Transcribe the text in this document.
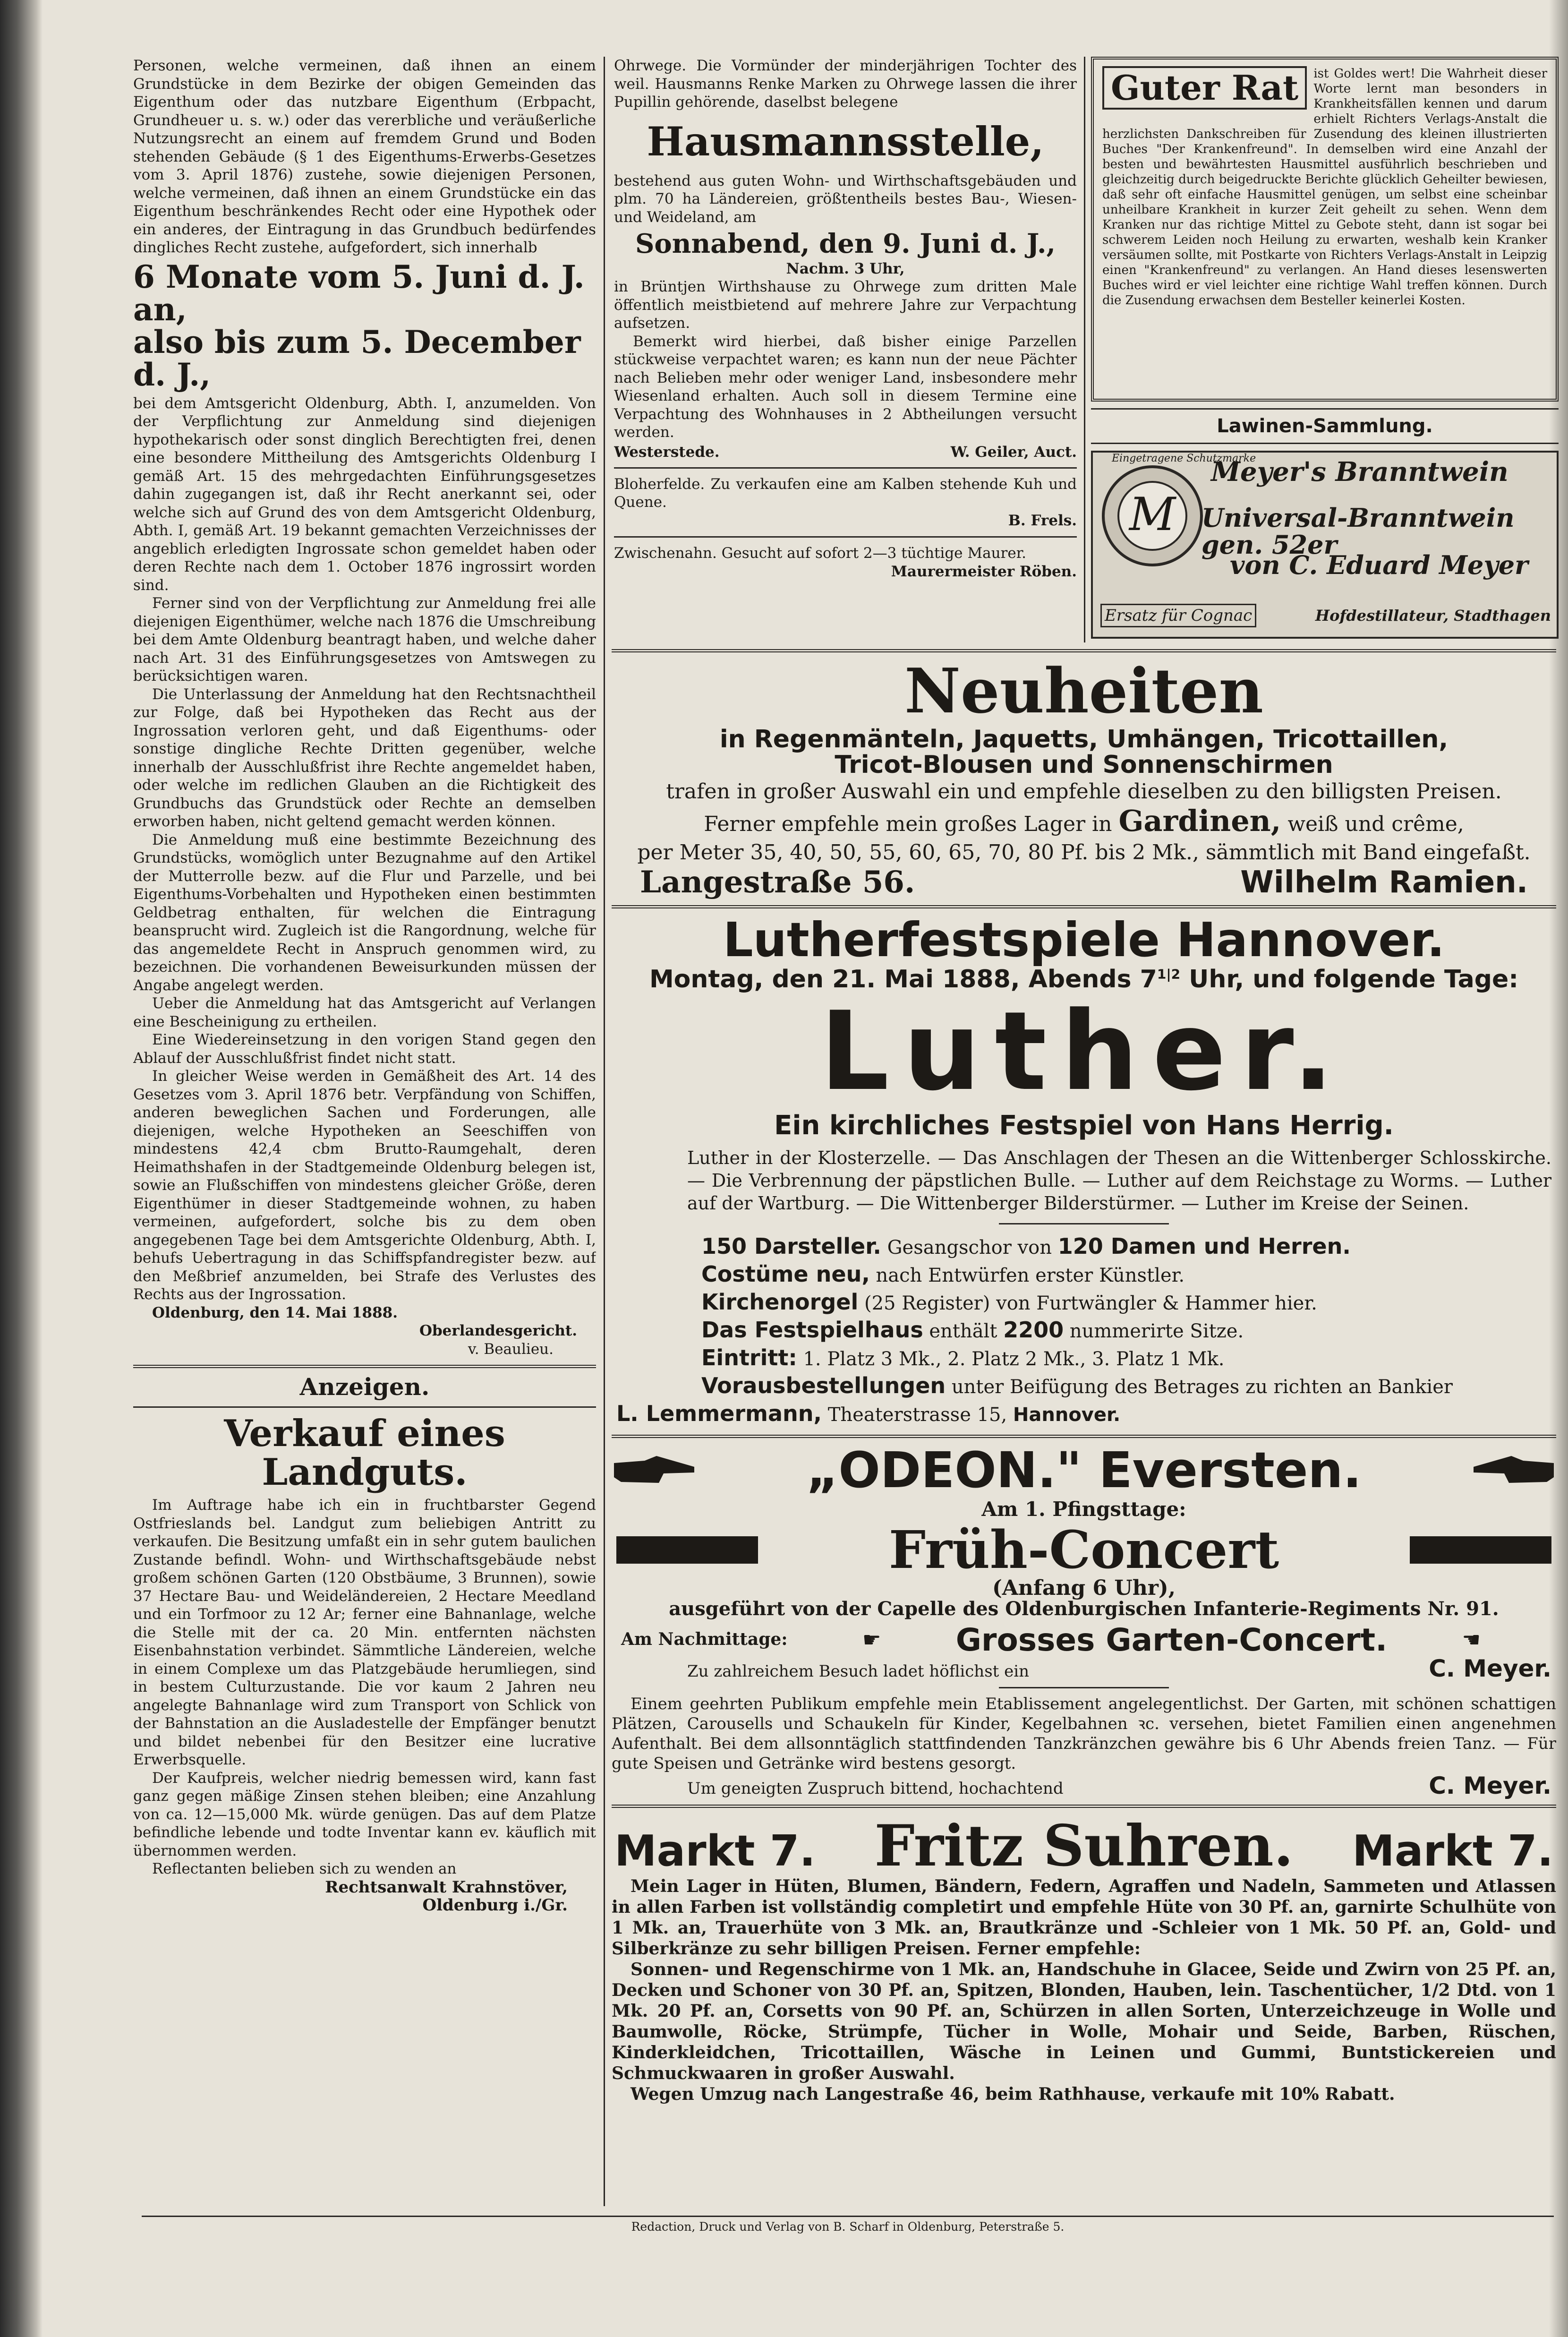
Personen, welche vermeinen, daß ihnen an einem Grundstücke in dem Bezirke der obigen Gemeinden das Eigenthum oder das nutzbare Eigenthum (Erbpacht, Grundheuer u. s. w.) oder das vererbliche und veräußerliche Nutzungsrecht an einem auf fremdem Grund und Boden stehenden Gebäude (§ 1 des Eigenthums-Erwerbs-Gesetzes vom 3. April 1876) zustehe, sowie diejenigen Personen, welche vermeinen, daß ihnen an einem Grundstücke ein das Eigenthum beschränkendes Recht oder eine Hypothek oder ein anderes, der Eintragung in das Grundbuch bedürfendes dingliches Recht zustehe, aufgefordert, sich innerhalb

6 Monate vom 5. Juni d. J. an,

also bis zum 5. December d. J.,

bei dem Amtsgericht Oldenburg, Abth. I, anzumelden. Von der Verpflichtung zur Anmeldung sind diejenigen hypothekarisch oder sonst dinglich Berechtigten frei, denen eine besondere Mittheilung des Amtsgerichts Oldenburg I gemäß Art. 15 des mehrgedachten Einführungsgesetzes dahin zugegangen ist, daß ihr Recht anerkannt sei, oder welche sich auf Grund des von dem Amtsgericht Oldenburg, Abth. I, gemäß Art. 19 bekannt gemachten Verzeichnisses der angeblich erledigten Ingrossate schon gemeldet haben oder deren Rechte nach dem 1. October 1876 ingrossirt worden sind.

Ferner sind von der Verpflichtung zur Anmeldung frei alle diejenigen Eigenthümer, welche nach 1876 die Umschreibung bei dem Amte Oldenburg beantragt haben, und welche daher nach Art. 31 des Einführungsgesetzes von Amtswegen zu berücksichtigen waren.

Die Unterlassung der Anmeldung hat den Rechtsnachtheil zur Folge, daß bei Hypotheken das Recht aus der Ingrossation verloren geht, und daß Eigenthums- oder sonstige dingliche Rechte Dritten gegenüber, welche innerhalb der Ausschlußfrist ihre Rechte angemeldet haben, oder welche im redlichen Glauben an die Richtigkeit des Grundbuchs das Grundstück oder Rechte an demselben erworben haben, nicht geltend gemacht werden können.

Die Anmeldung muß eine bestimmte Bezeichnung des Grundstücks, womöglich unter Bezugnahme auf den Artikel der Mutterrolle bezw. auf die Flur und Parzelle, und bei Eigenthums-Vorbehalten und Hypotheken einen bestimmten Geldbetrag enthalten, für welchen die Eintragung beansprucht wird. Zugleich ist die Rangordnung, welche für das angemeldete Recht in Anspruch genommen wird, zu bezeichnen. Die vorhandenen Beweisurkunden müssen der Angabe angelegt werden.

Ueber die Anmeldung hat das Amtsgericht auf Verlangen eine Bescheinigung zu ertheilen.

Eine Wiedereinsetzung in den vorigen Stand gegen den Ablauf der Ausschlußfrist findet nicht statt.

In gleicher Weise werden in Gemäßheit des Art. 14 des Gesetzes vom 3. April 1876 betr. Verpfändung von Schiffen, anderen beweglichen Sachen und Forderungen, alle diejenigen, welche Hypotheken an Seeschiffen von mindestens 42,4 cbm Brutto-Raumgehalt, deren Heimathshafen in der Stadtgemeinde Oldenburg belegen ist, sowie an Flußschiffen von mindestens gleicher Größe, deren Eigenthümer in dieser Stadtgemeinde wohnen, zu haben vermeinen, aufgefordert, solche bis zu dem oben angegebenen Tage bei dem Amtsgerichte Oldenburg, Abth. I, behufs Uebertragung in das Schiffspfandregister bezw. auf den Meßbrief anzumelden, bei Strafe des Verlustes des Rechts aus der Ingrossation.

Oldenburg, den 14. Mai 1888.

Oberlandesgericht.

v. Beaulieu.

Anzeigen.

Verkauf eines Landguts.

Im Auftrage habe ich ein in fruchtbarster Gegend Ostfrieslands bel. Landgut zum beliebigen Antritt zu verkaufen. Die Besitzung umfaßt ein in sehr gutem baulichen Zustande befindl. Wohn- und Wirthschaftsgebäude nebst großem schönen Garten (120 Obstbäume, 3 Brunnen), sowie 37 Hectare Bau- und Weideländereien, 2 Hectare Meedland und ein Torfmoor zu 12 Ar; ferner eine Bahnanlage, welche die Stelle mit der ca. 20 Min. entfernten nächsten Eisenbahnstation verbindet. Sämmtliche Ländereien, welche in einem Complexe um das Platzgebäude herumliegen, sind in bestem Culturzustande. Die vor kaum 2 Jahren neu angelegte Bahnanlage wird zum Transport von Schlick von der Bahnstation an die Ausladestelle der Empfänger benutzt und bildet nebenbei für den Besitzer eine lucrative Erwerbsquelle.

Der Kaufpreis, welcher niedrig bemessen wird, kann fast ganz gegen mäßige Zinsen stehen bleiben; eine Anzahlung von ca. 12—15,000 Mk. würde genügen. Das auf dem Platze befindliche lebende und todte Inventar kann ev. käuflich mit übernommen werden.

Reflectanten belieben sich zu wenden an

Rechtsanwalt Krahnstöver,

Oldenburg i./Gr.

Ohrwege. Die Vormünder der minderjährigen Tochter des weil. Hausmanns Renke Marken zu Ohrwege lassen die ihrer Pupillin gehörende, daselbst belegene

Hausmannsstelle,

bestehend aus guten Wohn- und Wirthschaftsgebäuden und plm. 70 ha Ländereien, größtentheils bestes Bau-, Wiesen- und Weideland, am

Sonnabend, den 9. Juni d. J.,

Nachm. 3 Uhr,

in Brüntjen Wirthshause zu Ohrwege zum dritten Male öffentlich meistbietend auf mehrere Jahre zur Verpachtung aufsetzen.

Bemerkt wird hierbei, daß bisher einige Parzellen stückweise verpachtet waren; es kann nun der neue Pächter nach Belieben mehr oder weniger Land, insbesondere mehr Wiesenland erhalten. Auch soll in diesem Termine eine Verpachtung des Wohnhauses in 2 Abtheilungen versucht werden.

Westerstede.	W. Geiler, Auct.

Bloherfelde. Zu verkaufen eine am Kalben stehende Kuh und Quene.

B. Frels.

Zwischenahn. Gesucht auf sofort 2—3 tüchtige Maurer.

Maurermeister Röben.

Guter Rat	ist Goldes wert! Die Wahrheit dieser Worte lernt man besonders in Krankheitsfällen kennen und darum erhielt Richters Verlags-Anstalt die herzlichsten Dankschreiben für Zusendung des kleinen illustrierten Buches "Der Krankenfreund". In demselben wird eine Anzahl der besten und bewährtesten Hausmittel ausführlich beschrieben und gleichzeitig durch beigedruckte Berichte glücklich Geheilter bewiesen, daß sehr oft einfache Hausmittel genügen, um selbst eine scheinbar unheilbare Krankheit in kurzer Zeit geheilt zu sehen. Wenn dem Kranken nur das richtige Mittel zu Gebote steht, dann ist sogar bei schwerem Leiden noch Heilung zu erwarten, weshalb kein Kranker versäumen sollte, mit Postkarte von Richters Verlags-Anstalt in Leipzig einen "Krankenfreund" zu verlangen. An Hand dieses lesenswerten Buches wird er viel leichter eine richtige Wahl treffen können. Durch die Zusendung erwachsen dem Besteller keinerlei Kosten.

Lawinen-Sammlung.

M
Eingetragene Schutzmarke
Meyer's Branntwein
Universal-Branntwein gen. 52er
von C. Eduard Meyer
Ersatz für Cognac	Hofdestillateur, Stadthagen

Neuheiten

in Regenmänteln, Jaquetts, Umhängen, Tricottaillen,

Tricot-Blousen und Sonnenschirmen

trafen in großer Auswahl ein und empfehle dieselben zu den billigsten Preisen.

Ferner empfehle mein großes Lager in Gardinen, weiß und crême,

per Meter 35, 40, 50, 55, 60, 65, 70, 80 Pf. bis 2 Mk., sämmtlich mit Band eingefaßt.

Langestraße 56.	Wilhelm Ramien.

Lutherfestspiele Hannover.

Montag, den 21. Mai 1888, Abends $7^{1|2}$ Uhr, und folgende Tage:

Luther.

Ein kirchliches Festspiel von Hans Herrig.

Luther in der Klosterzelle. — Das Anschlagen der Thesen an die Wittenberger Schlosskirche. — Die Verbrennung der päpstlichen Bulle. — Luther auf dem Reichstage zu Worms. — Luther auf der Wartburg. — Die Wittenberger Bilderstürmer. — Luther im Kreise der Seinen.

150 Darsteller. Gesangschor von 120 Damen und Herren.
Costüme neu, nach Entwürfen erster Künstler.
Kirchenorgel (25 Register) von Furtwängler & Hammer hier.
Das Festspielhaus enthält 2200 nummerirte Sitze.
Eintritt: 1. Platz 3 Mk., 2. Platz 2 Mk., 3. Platz 1 Mk.
Vorausbestellungen unter Beifügung des Betrages zu richten an Bankier
L. Lemmermann, Theaterstrasse 15, Hannover.
„ODEON." Eversten.

Am 1. Pfingsttage:

Früh-Concert

(Anfang 6 Uhr),

ausgeführt von der Capelle des Oldenburgischen Infanterie-Regiments Nr. 91.

Am Nachmittage:	☛ Grosses Garten-Concert.	☚
Zu zahlreichem Besuch ladet höflichst ein	C. Meyer.

Einem geehrten Publikum empfehle mein Etablissement angelegentlichst. Der Garten, mit schönen schattigen Plätzen, Carousells und Schaukeln für Kinder, Kegelbahnen ꝛc. versehen, bietet Familien einen angenehmen Aufenthalt. Bei dem allsonntäglich stattfindenden Tanzkränzchen gewähre bis 6 Uhr Abends freien Tanz. — Für gute Speisen und Getränke wird bestens gesorgt.

Um geneigten Zuspruch bittend, hochachtend	C. Meyer.
Markt 7. Fritz Suhren. Markt 7.

Mein Lager in Hüten, Blumen, Bändern, Federn, Agraffen und Nadeln, Sammeten und Atlassen in allen Farben ist vollständig completirt und empfehle Hüte von 30 Pf. an, garnirte Schulhüte von 1 Mk. an, Trauerhüte von 3 Mk. an, Brautkränze und -Schleier von 1 Mk. 50 Pf. an, Gold- und Silberkränze zu sehr billigen Preisen. Ferner empfehle:

Sonnen- und Regenschirme von 1 Mk. an, Handschuhe in Glacee, Seide und Zwirn von 25 Pf. an, Decken und Schoner von 30 Pf. an, Spitzen, Blonden, Hauben, lein. Taschentücher, 1/2 Dtd. von 1 Mk. 20 Pf. an, Corsetts von 90 Pf. an, Schürzen in allen Sorten, Unterzeichzeuge in Wolle und Baumwolle, Röcke, Strümpfe, Tücher in Wolle, Mohair und Seide, Barben, Rüschen, Kinderkleidchen, Tricottaillen, Wäsche in Leinen und Gummi, Buntstickereien und Schmuckwaaren in großer Auswahl.

Wegen Umzug nach Langestraße 46, beim Rathhause, verkaufe mit 10% Rabatt.

Redaction, Druck und Verlag von B. Scharf in Oldenburg, Peterstraße 5.
